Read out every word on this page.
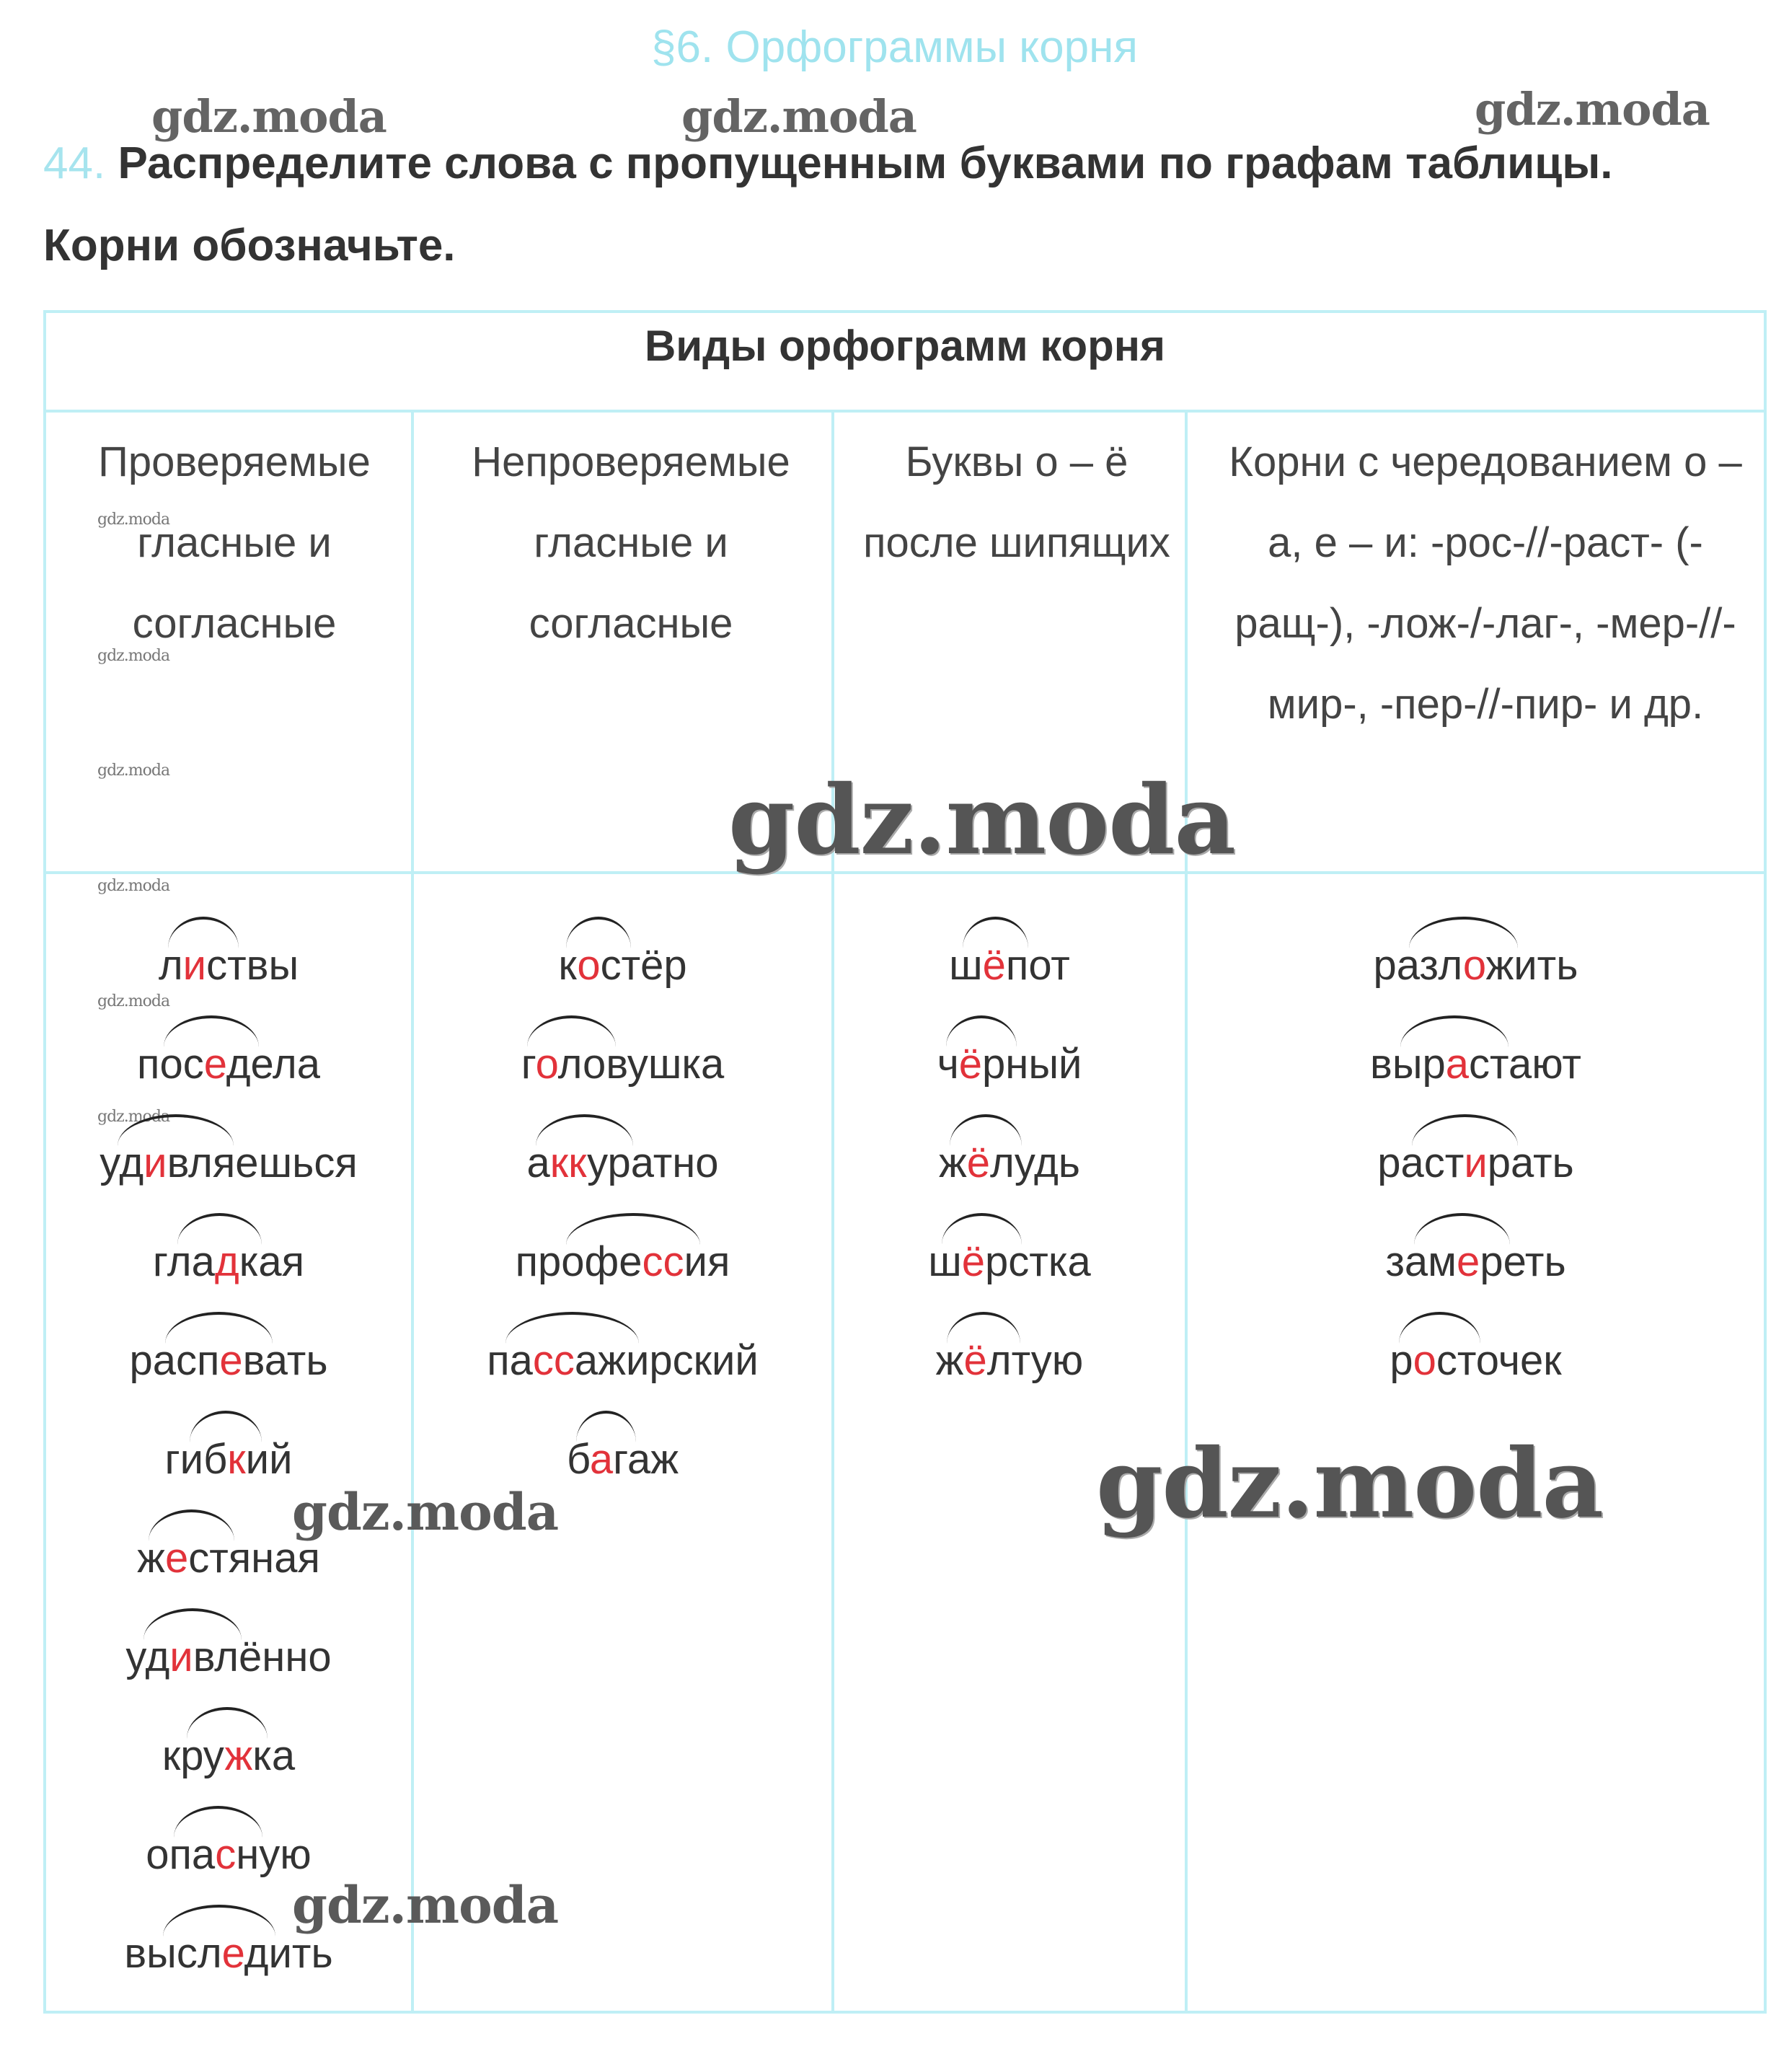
§6. Орфограммы корня
44. Распределите слова с пропущенным буквами по графам таблицы. Корни обозначьте.
gdz.moda	gdz.moda	gdz.moda
Виды орфограмм корня
Проверяемые гласные и согласные
Непроверяемые гласные и согласные
Буквы о – ё после шипящих
Корни с чередованием о – а, е – и: -рос-//-раст- (-ращ-), -лож-/-лаг-, -мер-//-мир-, -пер-//-пир- и др.
gdz.moda
gdz.moda
gdz.moda
gdz.moda
gdz.moda
gdz.moda
листвы
поседела
удивляешься
гладкая
распевать
гибкий
жестяная
удивлённо
кружка
опасную
выследить
костёр
головушка
аккуратно
профессия
пассажирский
багаж
шёпот
чёрный
жёлудь
шёрстка
жёлтую
разложить
вырастают
растирать
замереть
росточек
gdz.moda
gdz.moda
gdz.moda
gdz.moda
